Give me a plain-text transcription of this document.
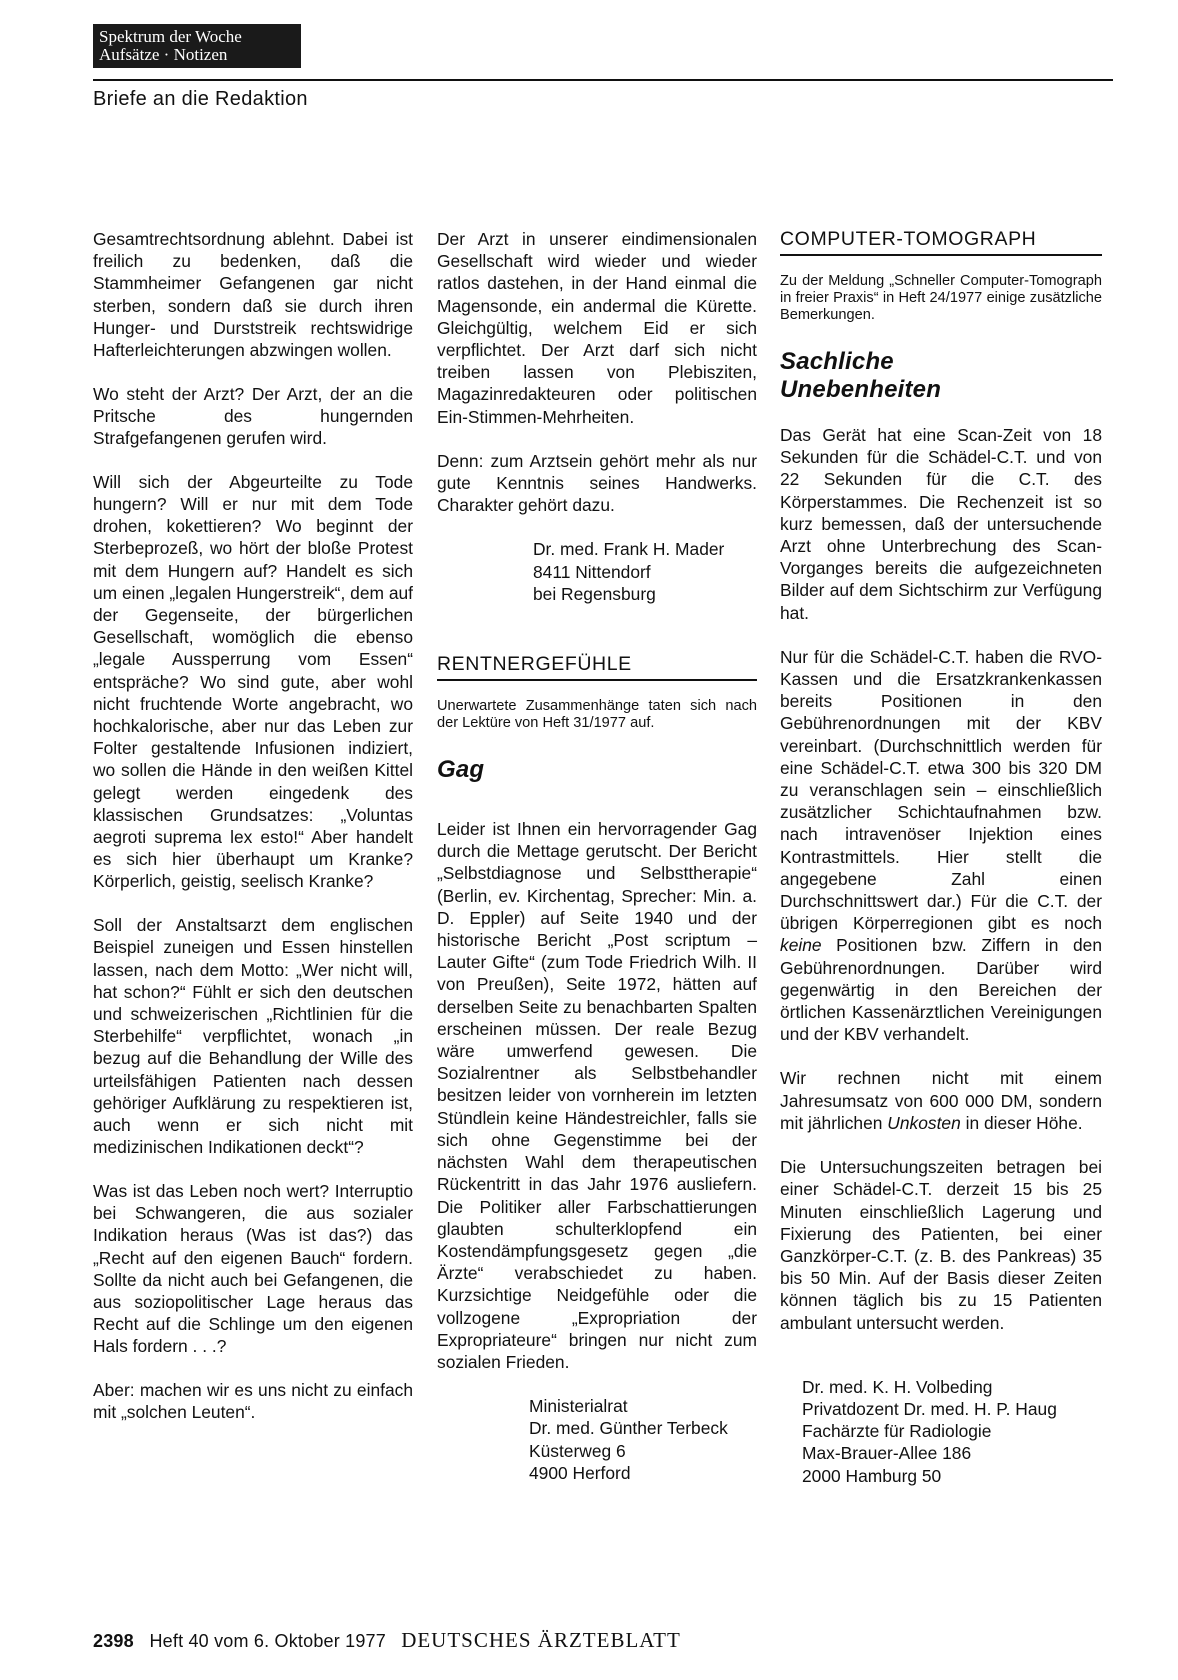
Spektrum der Woche
Aufsätze · Notizen
Briefe an die Redaktion

Gesamtrechtsordnung ablehnt. Dabei ist freilich zu bedenken, daß die Stammheimer Gefangenen gar nicht sterben, sondern daß sie durch ihren Hunger- und Durststreik rechtswidrige Hafterleichterungen abzwingen wollen.

Wo steht der Arzt? Der Arzt, der an die Pritsche des hungernden Strafgefangenen gerufen wird.

Will sich der Abgeurteilte zu Tode hungern? Will er nur mit dem Tode drohen, kokettieren? Wo beginnt der Sterbeprozeß, wo hört der bloße Protest mit dem Hungern auf? Handelt es sich um einen „legalen Hungerstreik“, dem auf der Gegenseite, der bürgerlichen Gesellschaft, womöglich die ebenso „legale Aussperrung vom Essen“ entspräche? Wo sind gute, aber wohl nicht fruchtende Worte angebracht, wo hochkalorische, aber nur das Leben zur Folter gestaltende Infusionen indiziert, wo sollen die Hände in den weißen Kittel gelegt werden eingedenk des klassischen Grundsatzes: „Voluntas aegroti suprema lex esto!“ Aber handelt es sich hier überhaupt um Kranke? Körperlich, geistig, seelisch Kranke?

Soll der Anstaltsarzt dem englischen Beispiel zuneigen und Essen hinstellen lassen, nach dem Motto: „Wer nicht will, hat schon?“ Fühlt er sich den deutschen und schweizerischen „Richtlinien für die Sterbehilfe“ verpflichtet, wonach „in bezug auf die Behandlung der Wille des urteilsfähigen Patienten nach dessen gehöriger Aufklärung zu respektieren ist, auch wenn er sich nicht mit medizinischen Indikationen deckt“?

Was ist das Leben noch wert? Interruptio bei Schwangeren, die aus sozialer Indikation heraus (Was ist das?) das „Recht auf den eigenen Bauch“ fordern. Sollte da nicht auch bei Gefangenen, die aus soziopolitischer Lage heraus das Recht auf die Schlinge um den eigenen Hals fordern . . .?

Aber: machen wir es uns nicht zu einfach mit „solchen Leuten“.

Der Arzt in unserer eindimensionalen Gesellschaft wird wieder und wieder ratlos dastehen, in der Hand einmal die Magensonde, ein andermal die Kürette. Gleichgültig, welchem Eid er sich verpflichtet. Der Arzt darf sich nicht treiben lassen von Plebisziten, Magazinredakteuren oder politischen Ein-Stimmen-Mehrheiten.

Denn: zum Arztsein gehört mehr als nur gute Kenntnis seines Handwerks. Charakter gehört dazu.

Dr. med. Frank H. Mader
8411 Nittendorf
bei Regensburg
RENTNERGEFÜHLE
Unerwartete Zusammenhänge taten sich nach der Lektüre von Heft 31/1977 auf.
Gag

Leider ist Ihnen ein hervorragender Gag durch die Mettage gerutscht. Der Bericht „Selbstdiagnose und Selbsttherapie“ (Berlin, ev. Kirchentag, Sprecher: Min. a. D. Eppler) auf Seite 1940 und der historische Bericht „Post scriptum – Lauter Gifte“ (zum Tode Friedrich Wilh. II von Preußen), Seite 1972, hätten auf derselben Seite zu benachbarten Spalten erscheinen müssen. Der reale Bezug wäre umwerfend gewesen. Die Sozialrentner als Selbstbehandler besitzen leider von vornherein im letzten Stündlein keine Händestreichler, falls sie sich ohne Gegenstimme bei der nächsten Wahl dem therapeutischen Rückentritt in das Jahr 1976 ausliefern. Die Politiker aller Farbschattierungen glaubten schulterklopfend ein Kostendämpfungsgesetz gegen „die Ärzte“ verabschiedet zu haben. Kurzsichtige Neidgefühle oder die vollzogene „Expropriation der Expropriateure“ bringen nur nicht zum sozialen Frieden.

Ministerialrat
Dr. med. Günther Terbeck
Küsterweg 6
4900 Herford
COMPUTER-TOMOGRAPH
Zu der Meldung „Schneller Computer-Tomograph in freier Praxis“ in Heft 24/1977 einige zusätzliche Bemerkungen.
Sachliche
Unebenheiten

Das Gerät hat eine Scan-Zeit von 18 Sekunden für die Schädel-C.T. und von 22 Sekunden für die C.T. des Körperstammes. Die Rechenzeit ist so kurz bemessen, daß der untersuchende Arzt ohne Unterbrechung des Scan-Vorganges bereits die aufgezeichneten Bilder auf dem Sichtschirm zur Verfügung hat.

Nur für die Schädel-C.T. haben die RVO-Kassen und die Ersatzkrankenkassen bereits Positionen in den Gebührenordnungen mit der KBV vereinbart. (Durchschnittlich werden für eine Schädel-C.T. etwa 300 bis 320 DM zu veranschlagen sein – einschließlich zusätzlicher Schichtaufnahmen bzw. nach intravenöser Injektion eines Kontrastmittels. Hier stellt die angegebene Zahl einen Durchschnittswert dar.) Für die C.T. der übrigen Körperregionen gibt es noch keine Positionen bzw. Ziffern in den Gebührenordnungen. Darüber wird gegenwärtig in den Bereichen der örtlichen Kassenärztlichen Vereinigungen und der KBV verhandelt.

Wir rechnen nicht mit einem Jahresumsatz von 600 000 DM, sondern mit jährlichen Unkosten in dieser Höhe.

Die Untersuchungszeiten betragen bei einer Schädel-C.T. derzeit 15 bis 25 Minuten einschließlich Lagerung und Fixierung des Patienten, bei einer Ganzkörper-C.T. (z. B. des Pankreas) 35 bis 50 Min. Auf der Basis dieser Zeiten können täglich bis zu 15 Patienten ambulant untersucht werden.

Dr. med. K. H. Volbeding
Privatdozent Dr. med. H. P. Haug
Fachärzte für Radiologie
Max-Brauer-Allee 186
2000 Hamburg 50
2398 Heft 40 vom 6. Oktober 1977 DEUTSCHES ÄRZTEBLATT
